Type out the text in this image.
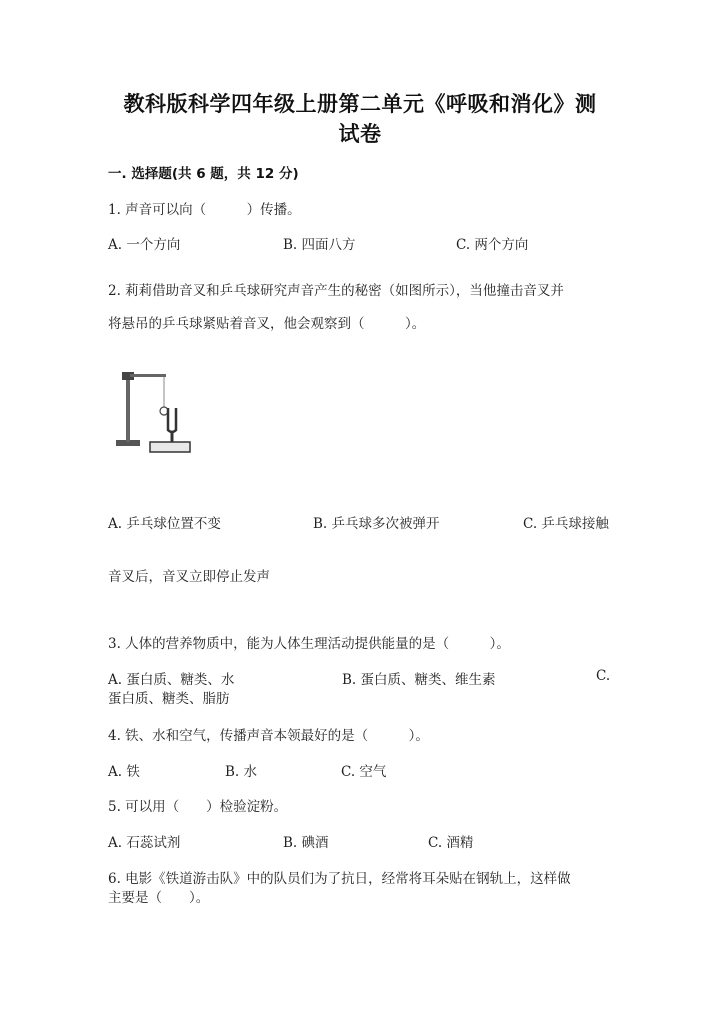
教科版科学四年级上册第二单元《呼吸和消化》测
试卷
一. 选择题(共 6 题，共 12 分)
1. 声音可以向（　　　）传播。
A. 一个方向	B. 四面八方	C. 两个方向
2. 莉莉借助音叉和乒乓球研究声音产生的秘密（如图所示），当他撞击音叉并
将悬吊的乒乓球紧贴着音叉，他会观察到（　　　）。
A. 乒乓球位置不变	B. 乒乓球多次被弹开	C. 乒乓球接触
音叉后，音叉立即停止发声
3. 人体的营养物质中，能为人体生理活动提供能量的是（　　　）。
A. 蛋白质、糖类、水	B. 蛋白质、糖类、维生素	C.
蛋白质、糖类、脂肪
4. 铁、水和空气，传播声音本领最好的是（　　　）。
A. 铁	B. 水	C. 空气
5. 可以用（　　）检验淀粉。
A. 石蕊试剂	B. 碘酒	C. 酒精
6. 电影《铁道游击队》中的队员们为了抗日，经常将耳朵贴在钢轨上，这样做
主要是（　　）。
